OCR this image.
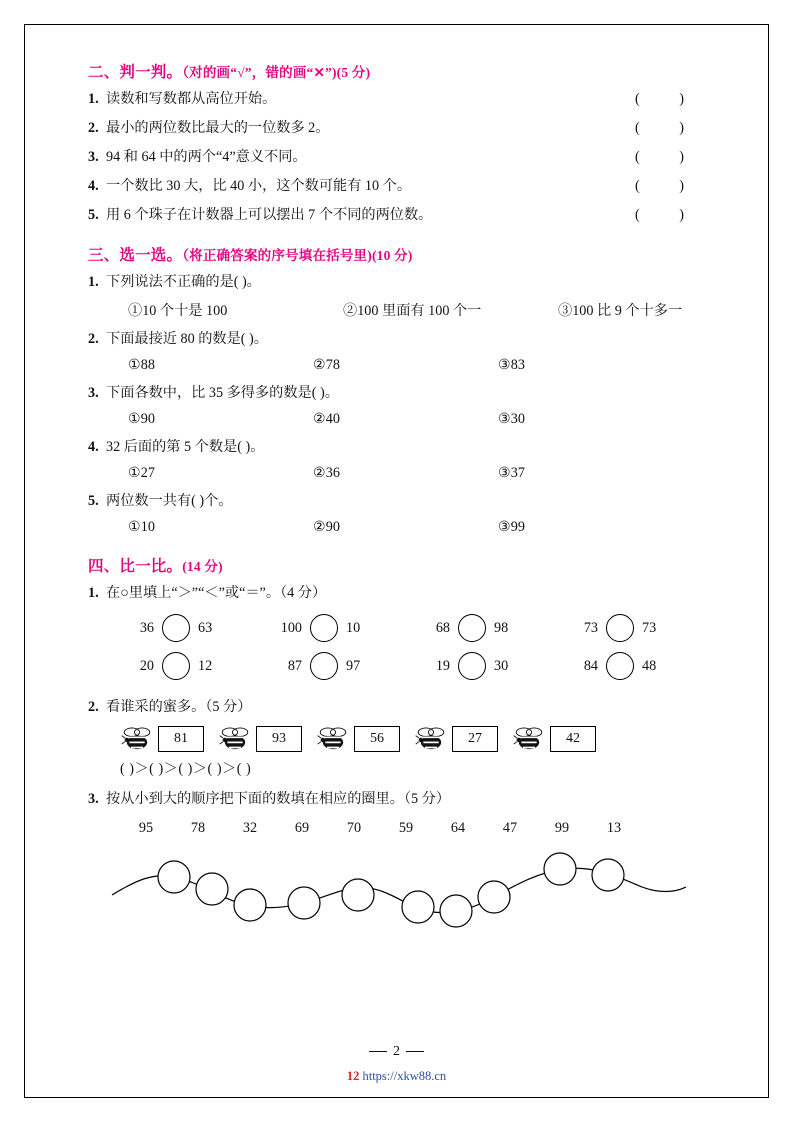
二、判一判。（对的画“√”，错的画“✕”)(5 分)
1. 读数和写数都从高位开始。	( )
2. 最小的两位数比最大的一位数多 2。	( )
3. 94 和 64 中的两个“4”意义不同。	( )
4. 一个数比 30 大，比 40 小，这个数可能有 10 个。	( )
5. 用 6 个珠子在计数器上可以摆出 7 个不同的两位数。	( )
三、选一选。（将正确答案的序号填在括号里)(10 分)
1. 下列说法不正确的是( )。
①10 个十是 100	②100 里面有 100 个一	③100 比 9 个十多一
2. 下面最接近 80 的数是( )。
①88	②78	③83
3. 下面各数中，比 35 多得多的数是( )。
①90	②40	③30
4. 32 后面的第 5 个数是( )。
①27	②36	③37
5. 两位数一共有( )个。
①10	②90	③99
四、比一比。(14 分)
1. 在○里填上“＞”“＜”或“＝”。（4 分）
36	63	100	10	68	98	73	73
20	12	87	97	19	30	84	48
2. 看谁采的蜜多。（5 分）
81	93	56	27	42
( )＞( )＞( )＞( )＞( )
3. 按从小到大的顺序把下面的数填在相应的圈里。（5 分）
95	78	32	69	70	59	64	47	99	13
2
12 https://xkw88.cn
